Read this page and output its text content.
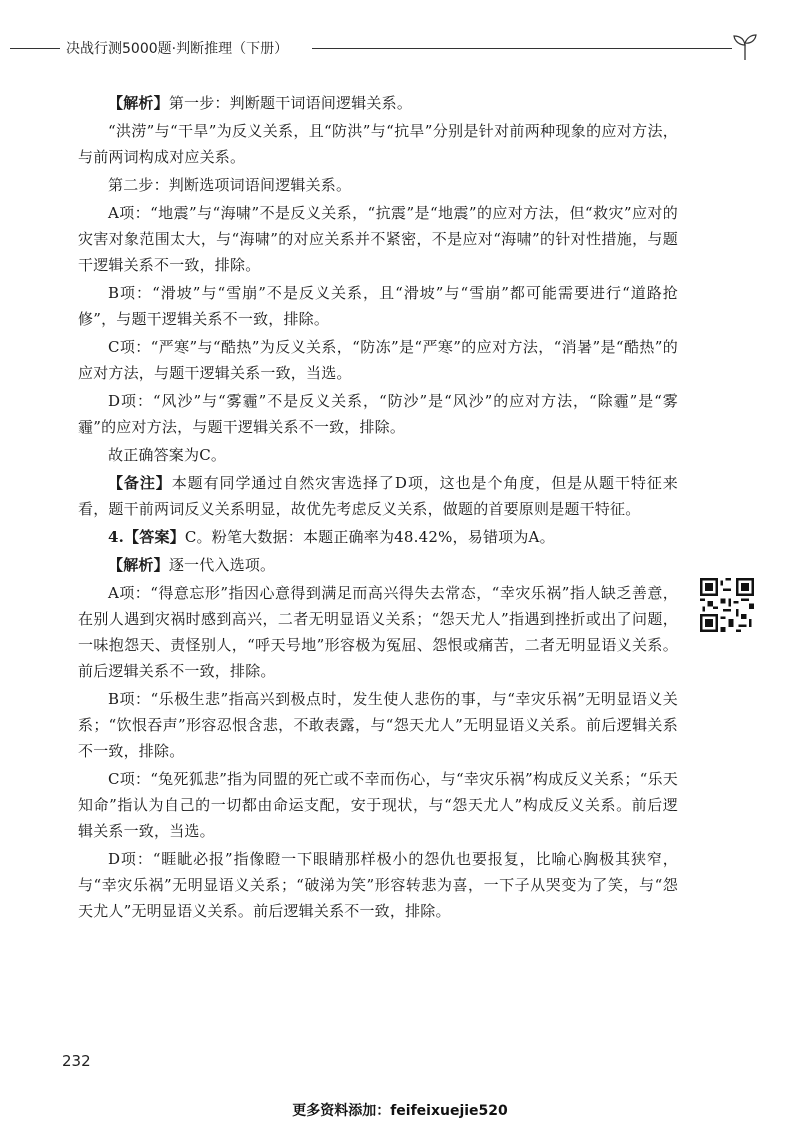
决战行测5000题·判断推理（下册）

【解析】第一步：判断题干词语间逻辑关系。

“洪涝”与“干旱”为反义关系，且“防洪”与“抗旱”分别是针对前两种现象的应对方法，与前两词构成对应关系。

第二步：判断选项词语间逻辑关系。

A项：“地震”与“海啸”不是反义关系，“抗震”是“地震”的应对方法，但“救灾”应对的灾害对象范围太大，与“海啸”的对应关系并不紧密，不是应对“海啸”的针对性措施，与题干逻辑关系不一致，排除。

B项：“滑坡”与“雪崩”不是反义关系，且“滑坡”与“雪崩”都可能需要进行“道路抢修”，与题干逻辑关系不一致，排除。

C项：“严寒”与“酷热”为反义关系，“防冻”是“严寒”的应对方法，“消暑”是“酷热”的应对方法，与题干逻辑关系一致，当选。

D项：“风沙”与“雾霾”不是反义关系，“防沙”是“风沙”的应对方法，“除霾”是“雾霾”的应对方法，与题干逻辑关系不一致，排除。

故正确答案为C。

【备注】本题有同学通过自然灾害选择了D项，这也是个角度，但是从题干特征来看，题干前两词反义关系明显，故优先考虑反义关系，做题的首要原则是题干特征。

4.【答案】C。粉笔大数据：本题正确率为48.42%，易错项为A。

【解析】逐一代入选项。

A项：“得意忘形”指因心意得到满足而高兴得失去常态，“幸灾乐祸”指人缺乏善意，在别人遇到灾祸时感到高兴，二者无明显语义关系；“怨天尤人”指遇到挫折或出了问题，一味抱怨天、责怪别人，“呼天号地”形容极为冤屈、怨恨或痛苦，二者无明显语义关系。前后逻辑关系不一致，排除。

B项：“乐极生悲”指高兴到极点时，发生使人悲伤的事，与“幸灾乐祸”无明显语义关系；“饮恨吞声”形容忍恨含悲，不敢表露，与“怨天尤人”无明显语义关系。前后逻辑关系不一致，排除。

C项：“兔死狐悲”指为同盟的死亡或不幸而伤心，与“幸灾乐祸”构成反义关系；“乐天知命”指认为自己的一切都由命运支配，安于现状，与“怨天尤人”构成反义关系。前后逻辑关系一致，当选。

D项：“睚眦必报”指像瞪一下眼睛那样极小的怨仇也要报复，比喻心胸极其狭窄，与“幸灾乐祸”无明显语义关系；“破涕为笑”形容转悲为喜，一下子从哭变为了笑，与“怨天尤人”无明显语义关系。前后逻辑关系不一致，排除。

232
更多资料添加：feifeixuejie520
